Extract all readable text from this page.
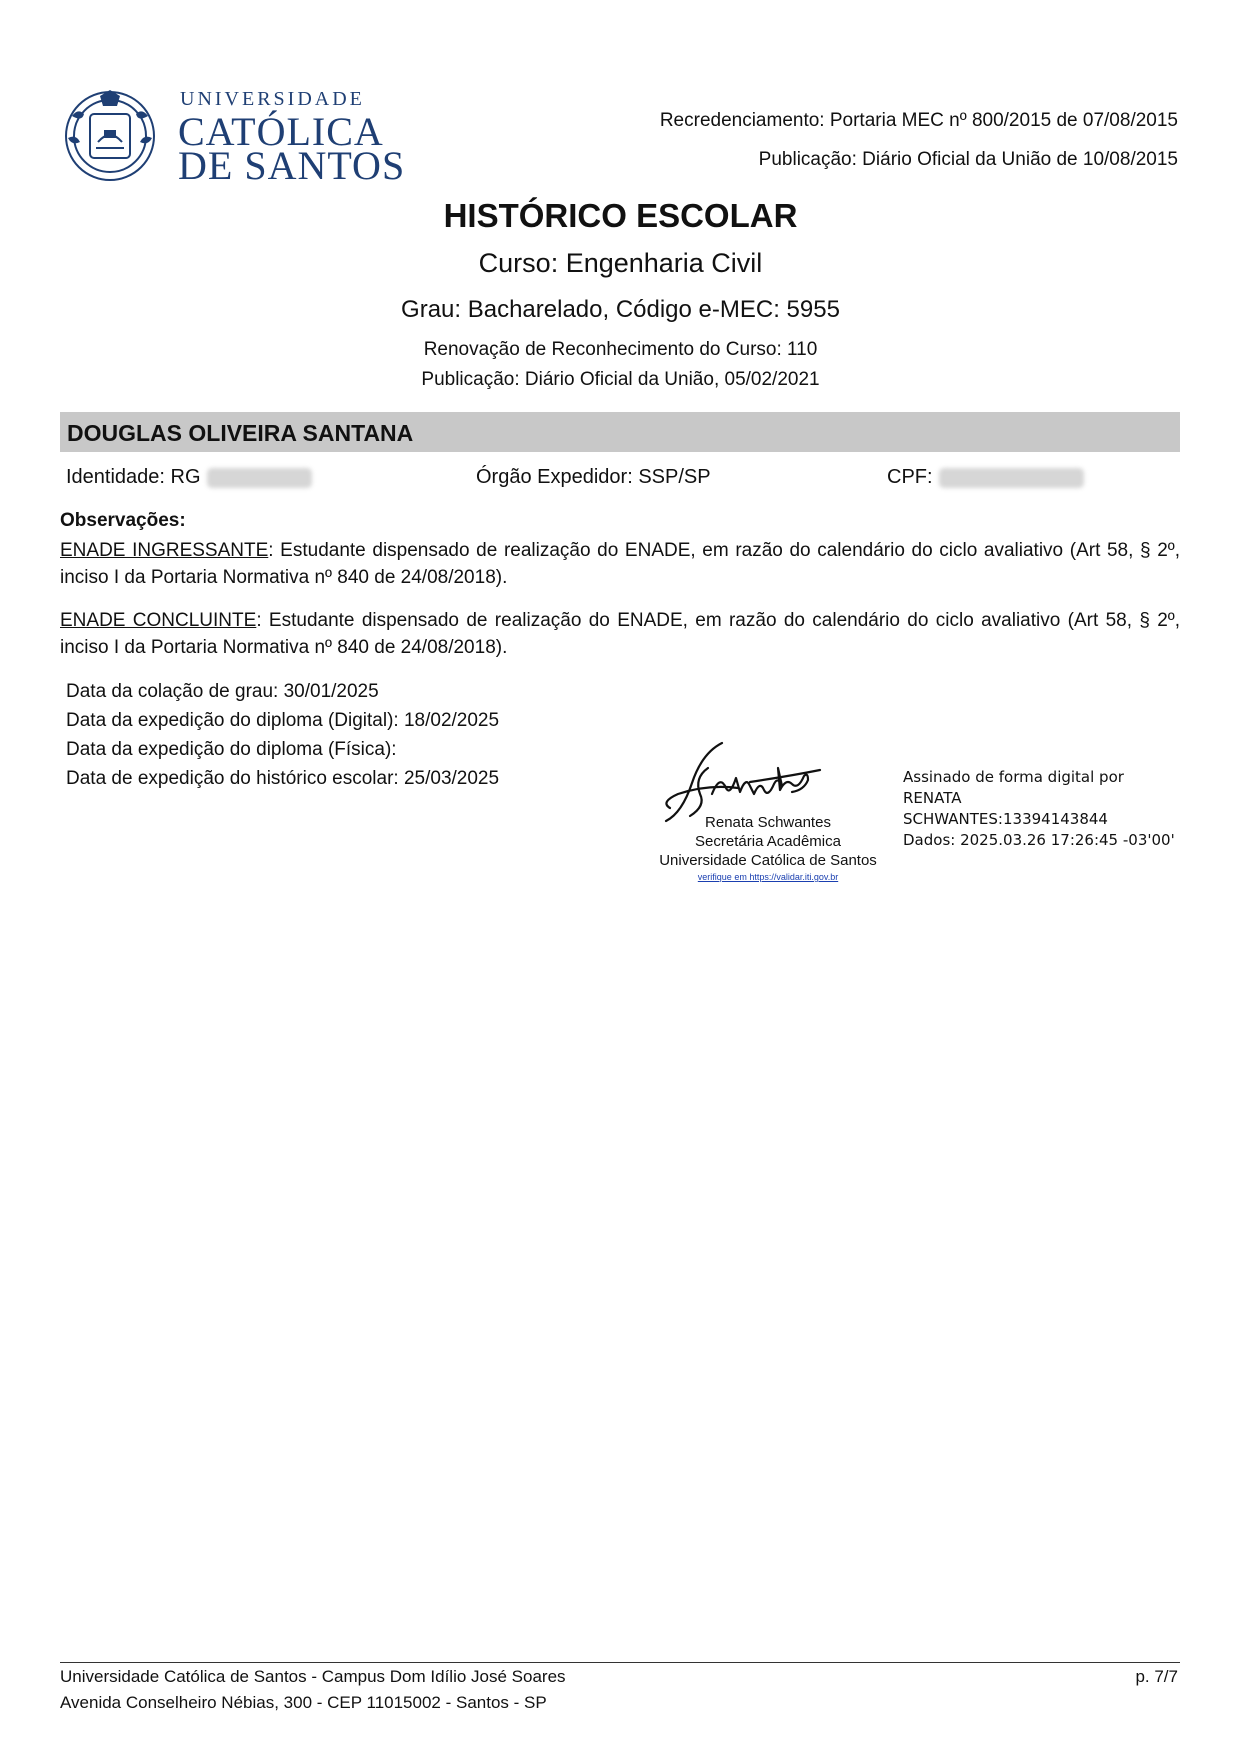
UNIVERSIDADE
CATÓLICA
DE SANTOS
Recredenciamento: Portaria MEC nº 800/2015 de 07/08/2015
Publicação: Diário Oficial da União de 10/08/2015
HISTÓRICO ESCOLAR
Curso: Engenharia Civil
Grau: Bacharelado, Código e-MEC: 5955
Renovação de Reconhecimento do Curso: 110
Publicação: Diário Oficial da União, 05/02/2021
DOUGLAS OLIVEIRA SANTANA
Identidade: RG	Órgão Expedidor: SSP/SP	CPF:
Observações:
ENADE INGRESSANTE: Estudante dispensado de realização do ENADE, em razão do calendário do ciclo avaliativo (Art 58, § 2º, inciso I da Portaria Normativa nº 840 de 24/08/2018).
ENADE CONCLUINTE: Estudante dispensado de realização do ENADE, em razão do calendário do ciclo avaliativo (Art 58, § 2º, inciso I da Portaria Normativa nº 840 de 24/08/2018).
Data da colação de grau: 30/01/2025
Data da expedição do diploma (Digital): 18/02/2025
Data da expedição do diploma (Física):
Data de expedição do histórico escolar: 25/03/2025
Renata Schwantes
Secretária Acadêmica
Universidade Católica de Santos
verifique em https://validar.iti.gov.br
Assinado de forma digital por
RENATA
SCHWANTES:13394143844
Dados: 2025.03.26 17:26:45 -03'00'
Universidade Católica de Santos - Campus Dom Idílio José Soares
Avenida Conselheiro Nébias, 300 - CEP 11015002 - Santos - SP
p. 7/7
